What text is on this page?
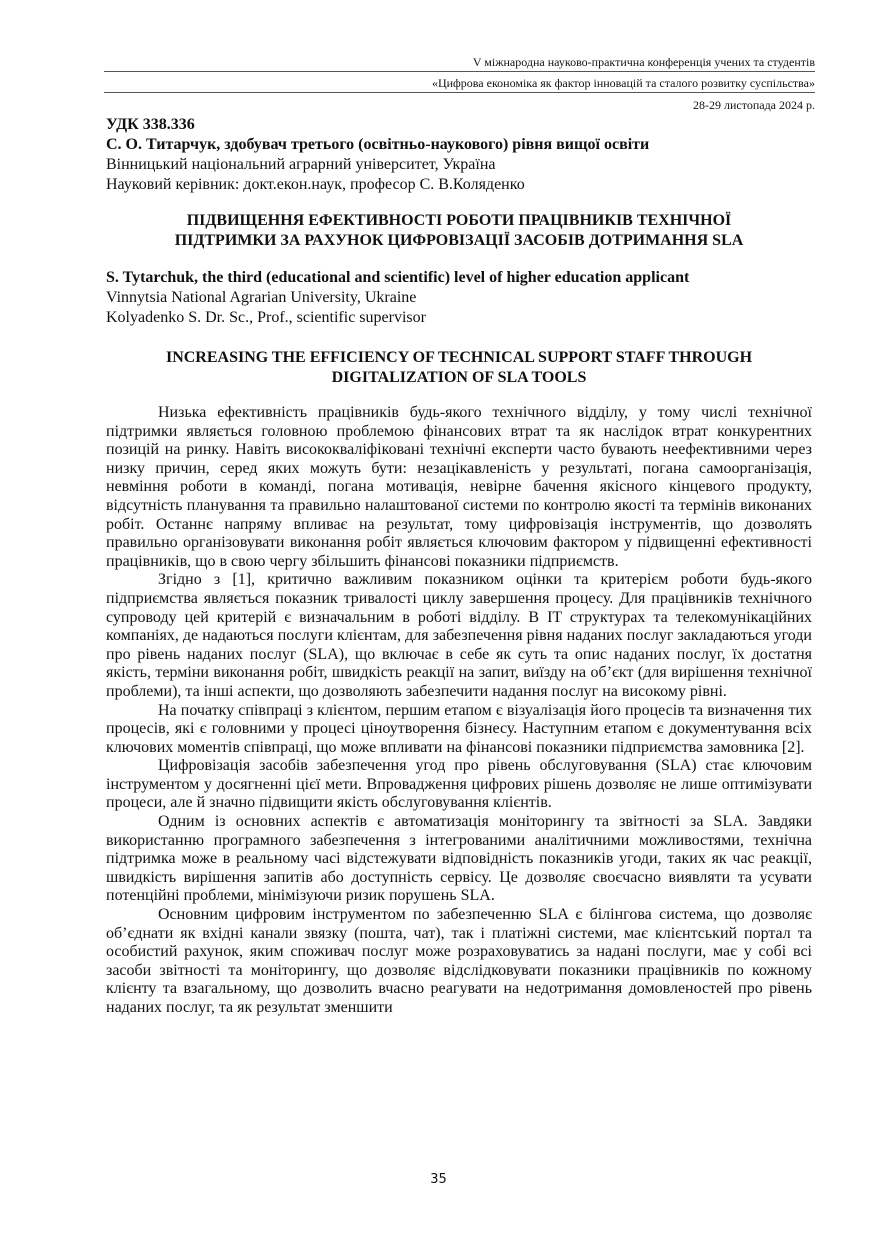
V міжнародна науково-практична конференція учених та студентів
«Цифрова економіка як фактор інновацій та сталого розвитку суспільства»
28-29 листопада 2024 р.
УДК 338.336
С. О. Титарчук, здобувач третього (освітньо-наукового) рівня вищої освіти
Вінницький національний аграрний університет, Україна
Науковий керівник: докт.екон.наук, професор С. В.Коляденко
ПІДВИЩЕННЯ ЕФЕКТИВНОСТІ РОБОТИ ПРАЦІВНИКІВ ТЕХНІЧНОЇ
ПІДТРИМКИ ЗА РАХУНОК ЦИФРОВІЗАЦІЇ ЗАСОБІВ ДОТРИМАННЯ SLA
S. Tytarchuk, the third (educational and scientific) level of higher education applicant
Vinnytsia National Agrarian University, Ukraine
Kolyadenko S. Dr. Sc., Prof., scientific supervisor
INCREASING THE EFFICIENCY OF TECHNICAL SUPPORT STAFF THROUGH
DIGITALIZATION OF SLA TOOLS

Низька ефективність працівників будь-якого технічного відділу, у тому числі технічної підтримки являється головною проблемою фінансових втрат та як наслідок втрат конкурентних позицій на ринку. Навіть висококваліфіковані технічні експерти часто бувають неефективними через низку причин, серед яких можуть бути: незацікавленість у результаті, погана самоорганізація, невміння роботи в команді, погана мотивація, невірне бачення якісного кінцевого продукту, відсутність планування та правильно налаштованої системи по контролю якості та термінів виконаних робіт. Останнє напряму впливає на результат, тому цифровізація інструментів, що дозволять правильно організовувати виконання робіт являється ключовим фактором у підвищенні ефективності працівників, що в свою чергу збільшить фінансові показники підприємств.

Згідно з [1], критично важливим показником оцінки та критерієм роботи будь-якого підприємства являється показник тривалості циклу завершення процесу. Для працівників технічного супроводу цей критерій є визначальним в роботі відділу. В IT структурах та телекомунікаційних компаніях, де надаються послуги клієнтам, для забезпечення рівня наданих послуг закладаються угоди про рівень наданих послуг (SLA), що включає в себе як суть та опис наданих послуг, їх достатня якість, терміни виконання робіт, швидкість реакції на запит, виїзду на об’єкт (для вирішення технічної проблеми), та інші аспекти, що дозволяють забезпечити надання послуг на високому рівні.

На початку співпраці з клієнтом, першим етапом є візуалізація його процесів та визначення тих процесів, які є головними у процесі ціноутворення бізнесу. Наступним етапом є документування всіх ключових моментів співпраці, що може впливати на фінансові показники підприємства замовника [2].

Цифровізація засобів забезпечення угод про рівень обслуговування (SLA) стає ключовим інструментом у досягненні цієї мети. Впровадження цифрових рішень дозволяє не лише оптимізувати процеси, але й значно підвищити якість обслуговування клієнтів.

Одним із основних аспектів є автоматизація моніторингу та звітності за SLA. Завдяки використанню програмного забезпечення з інтегрованими аналітичними можливостями, технічна підтримка може в реальному часі відстежувати відповідність показників угоди, таких як час реакції, швидкість вирішення запитів або доступність сервісу. Це дозволяє своєчасно виявляти та усувати потенційні проблеми, мінімізуючи ризик порушень SLA.

Основним цифровим інструментом по забезпеченню SLA є білінгова система, що дозволяє об’єднати як вхідні канали звязку (пошта, чат), так і платіжні системи, має клієнтський портал та особистий рахунок, яким споживач послуг може розраховуватись за надані послуги, має у собі всі засоби звітності та моніторингу, що дозволяє відслідковувати показники працівників по кожному клієнту та взагальному, що дозволить вчасно реагувати на недотримання домовленостей про рівень наданих послуг, та як результат зменшити

35
